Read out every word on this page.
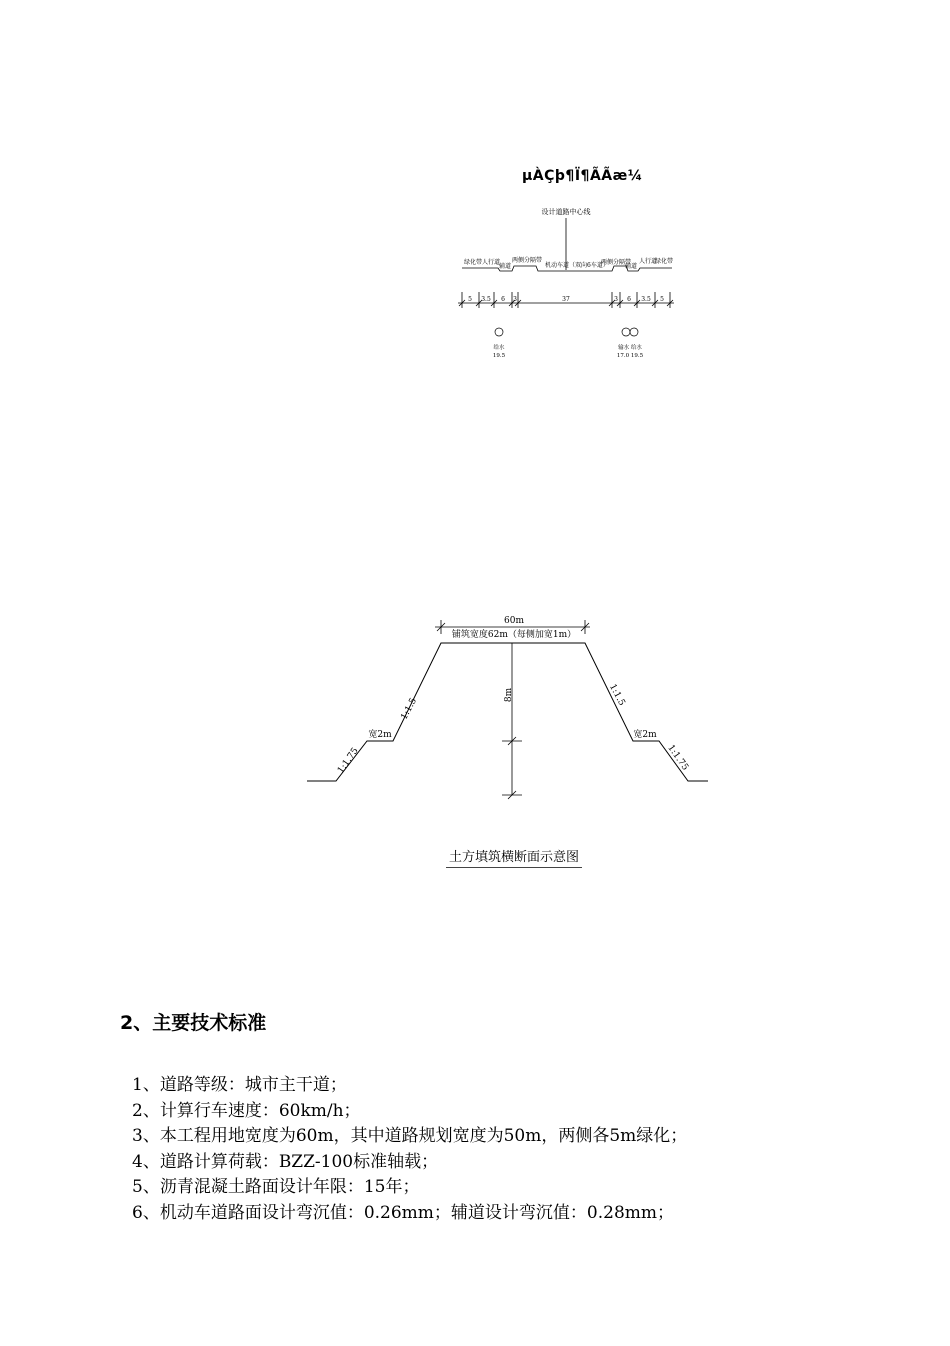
µÀÇþ¶Ï¶ÃÃæ¼
设计道路中心线
绿化带人行道
辅道
两侧分隔带
机动车道（双向6车道）
两侧分隔带
辅道
人行道
绿化带
5 3.5 6 3	37	3 6 3.5 5
给水
19.5
输水 给水
17.0 19.5
60m
铺筑宽度62m（每侧加宽1m）
8m
1:1.5
1:1.5
宽2m	宽2m
1:1.75	1:1.75
土方填筑横断面示意图
2、主要技术标准
1、道路等级：城市主干道；
2、计算行车速度：60km/h；
3、本工程用地宽度为60m，其中道路规划宽度为50m，两侧各5m绿化；
4、道路计算荷载：BZZ-100标准轴载；
5、沥青混凝土路面设计年限：15年；
6、机动车道路面设计弯沉值：0.26mm；辅道设计弯沉值：0.28mm；
